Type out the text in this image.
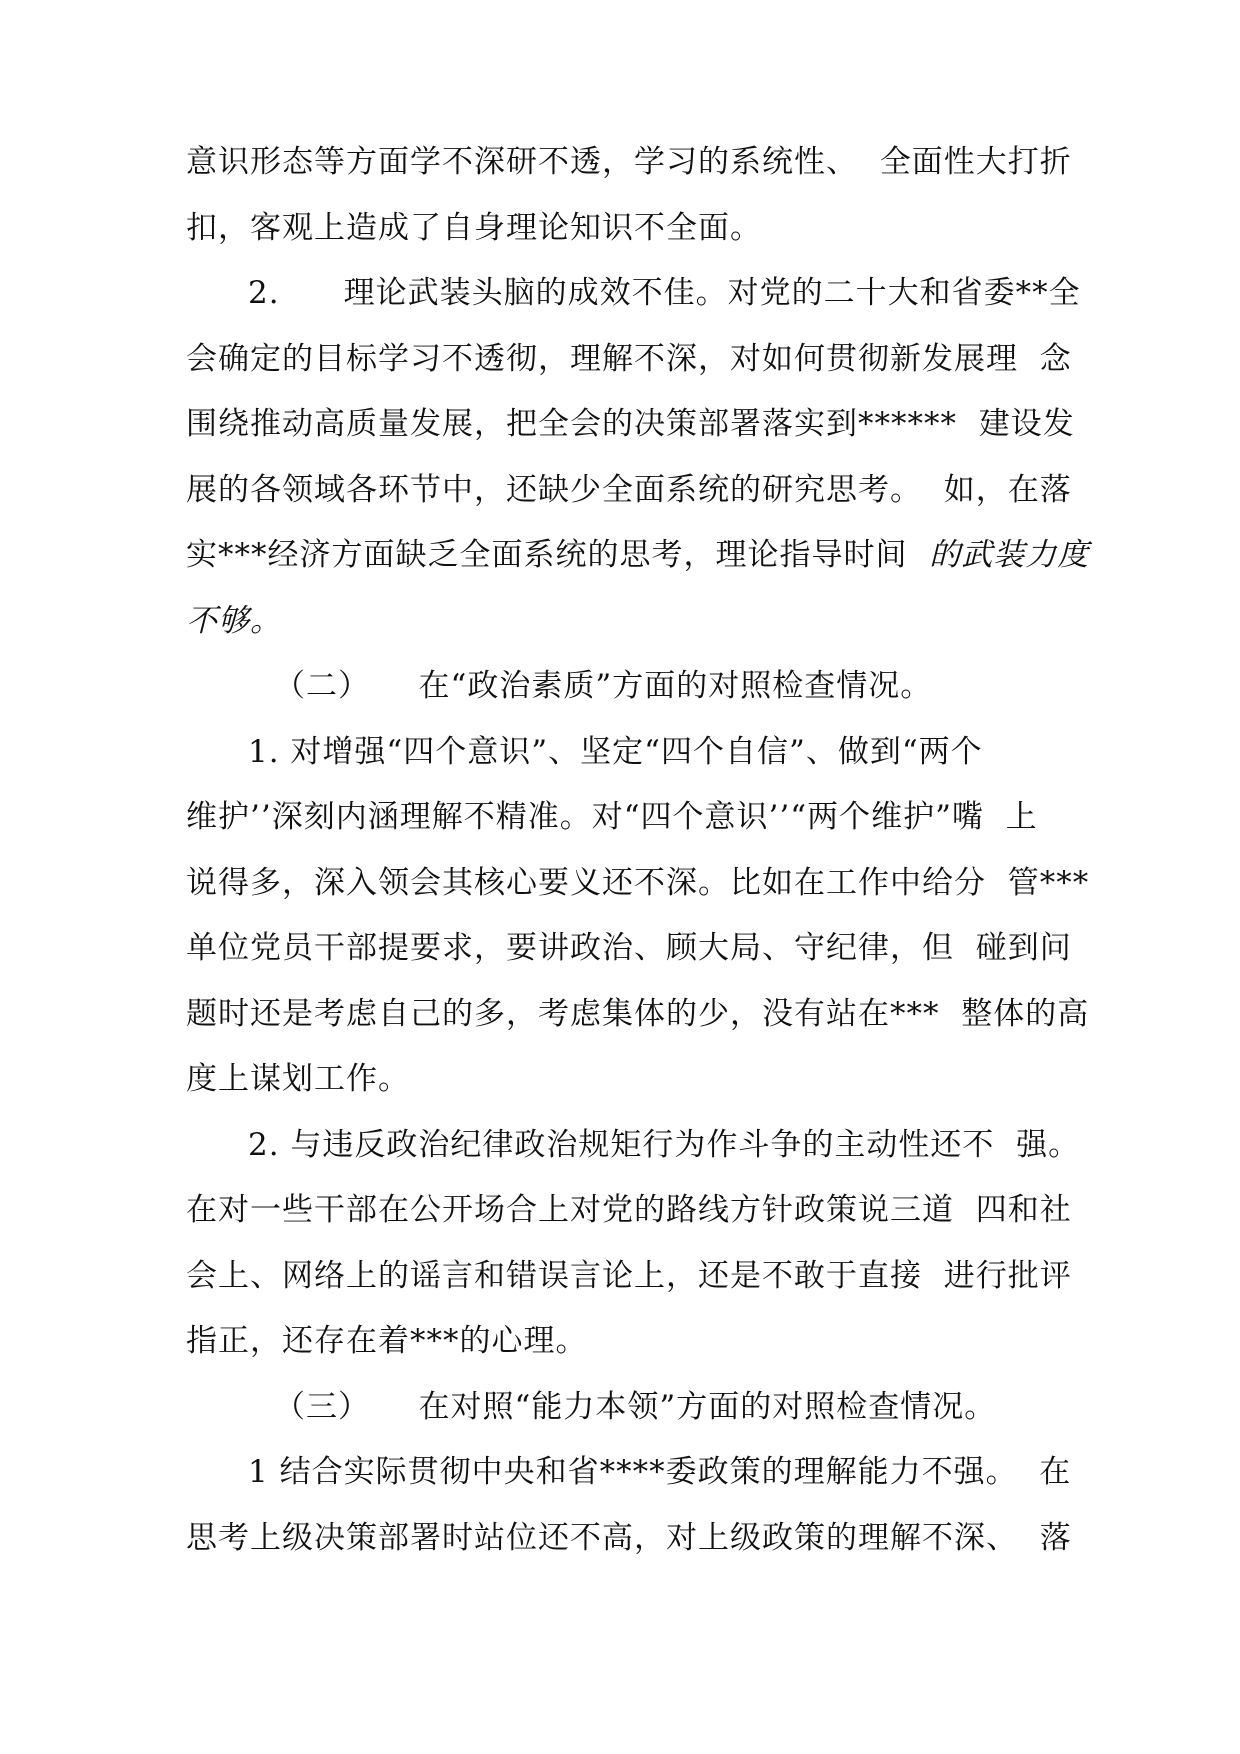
意识形态等方面学不深研不透，学习的系统性、  全面性大打折
扣，客观上造成了自身理论知识不全面。
2.　　理论武装头脑的成效不佳。对党的二十大和省委**全
会确定的目标学习不透彻，理解不深，对如何贯彻新发展理  念
围绕推动高质量发展，把全会的决策部署落实到******  建设发
展的各领域各环节中，还缺少全面系统的研究思考。  如，在落
实***经济方面缺乏全面系统的思考，理论指导时间  的武装力度
不够。
（二）　　在“政治素质”方面的对照检查情况。
1. 对增强“四个意识”、坚定“四个自信”、做到“两个
维护’’深刻内涵理解不精准。对“四个意识’’“两个维护”嘴  上
说得多，深入领会其核心要义还不深。比如在工作中给分  管***
单位党员干部提要求，要讲政治、顾大局、守纪律，但  碰到问
题时还是考虑自己的多，考虑集体的少，没有站在***  整体的高
度上谋划工作。
2. 与违反政治纪律政治规矩行为作斗争的主动性还不  强。
在对一些干部在公开场合上对党的路线方针政策说三道  四和社
会上、网络上的谣言和错误言论上，还是不敢于直接  进行批评
指正，还存在着***的心理。
（三）　　在对照“能力本领”方面的对照检查情况。
1 结合实际贯彻中央和省****委政策的理解能力不强。  在
思考上级决策部署时站位还不高，对上级政策的理解不深、  落
